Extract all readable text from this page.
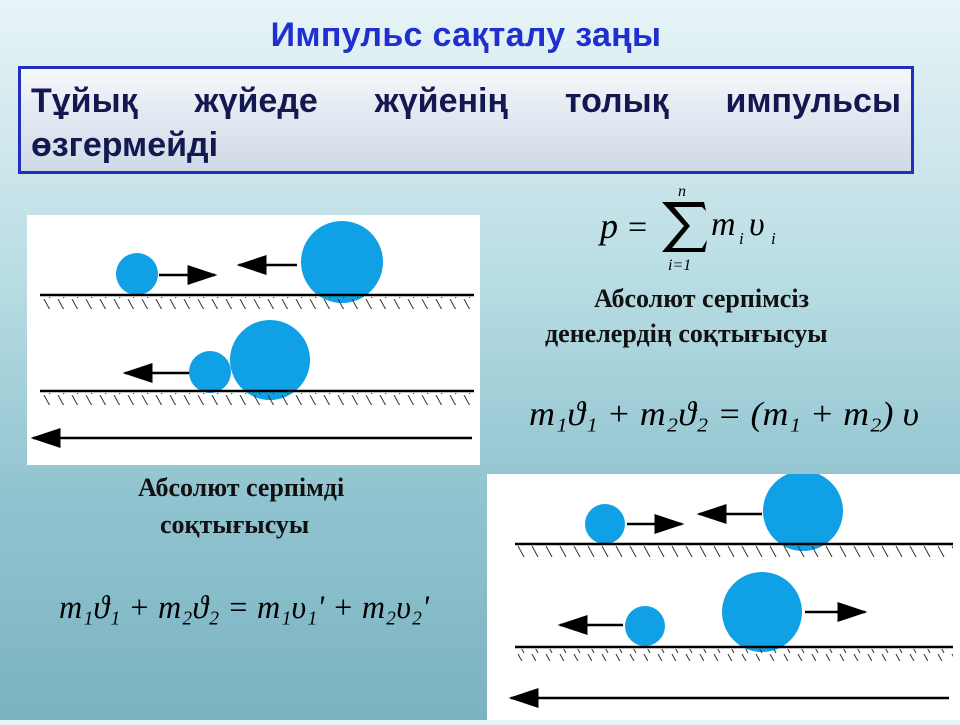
Импульс сақталу заңы
Тұйық жүйеде жүйенің толық импульсы өзгермейді
p =
n
i=1
m i υ i
Абсолют серпімсіз
денелердің соқтығысуы
m₁ϑ₁ + m₂ϑ₂ = (m₁ + m₂) υ
Абсолют серпімді
соқтығысуы
m₁ϑ₁ + m₂ϑ₂ = m₁υ₁' + m₂υ₂'
